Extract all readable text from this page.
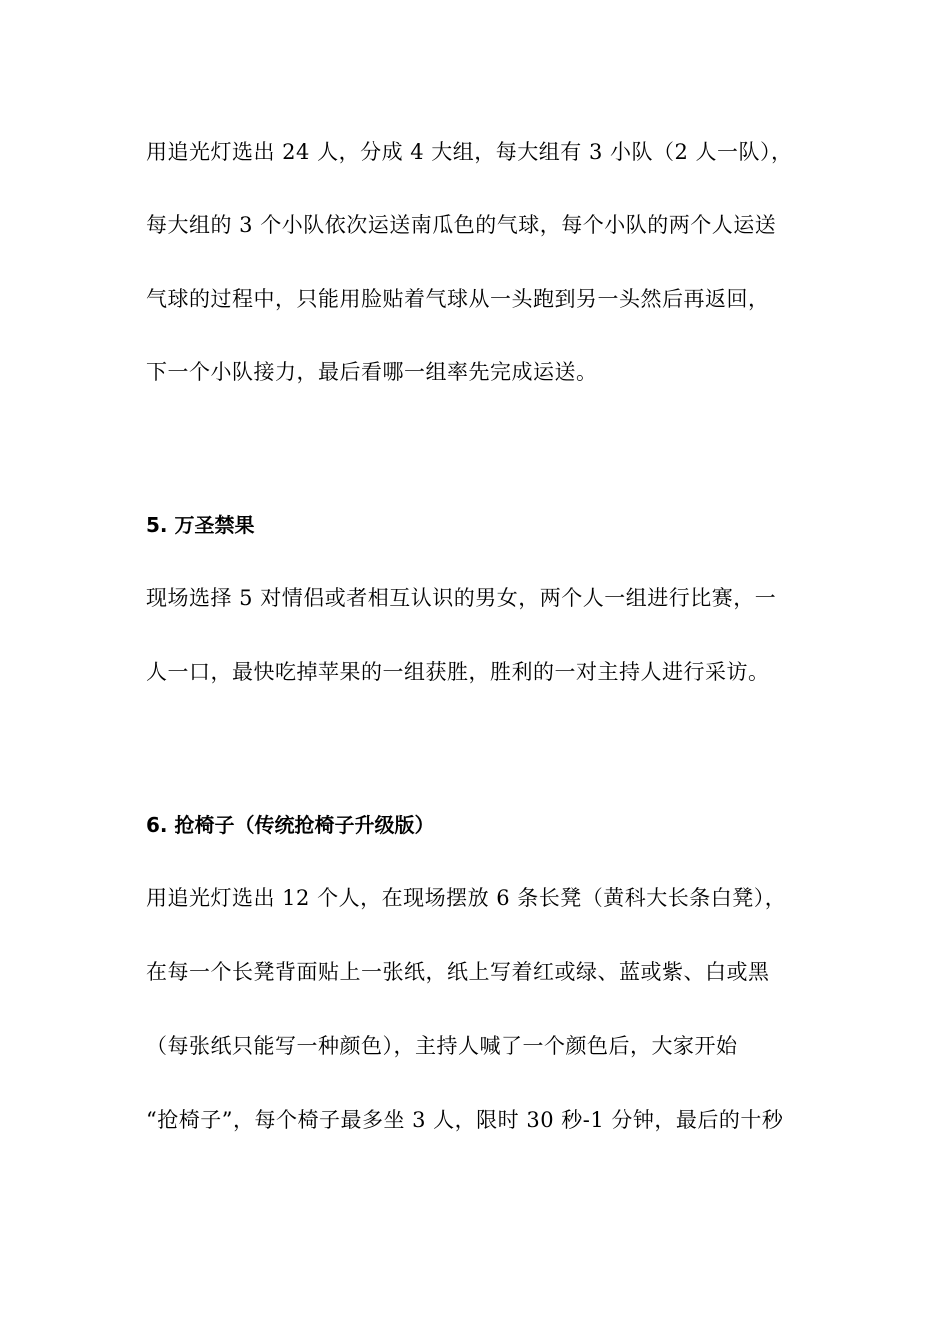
用追光灯选出 24 人，分成 4 大组，每大组有 3 小队（2 人一队），
每大组的 3 个小队依次运送南瓜色的气球，每个小队的两个人运送
气球的过程中，只能用脸贴着气球从一头跑到另一头然后再返回，
下一个小队接力，最后看哪一组率先完成运送。
5. 万圣禁果
现场选择 5 对情侣或者相互认识的男女，两个人一组进行比赛，一
人一口，最快吃掉苹果的一组获胜，胜利的一对主持人进行采访。
6. 抢椅子（传统抢椅子升级版）
用追光灯选出 12 个人，在现场摆放 6 条长凳（黄科大长条白凳），
在每一个长凳背面贴上一张纸，纸上写着红或绿、蓝或紫、白或黑
（每张纸只能写一种颜色），主持人喊了一个颜色后，大家开始
“抢椅子”，每个椅子最多坐 3 人，限时 30 秒-1 分钟，最后的十秒
